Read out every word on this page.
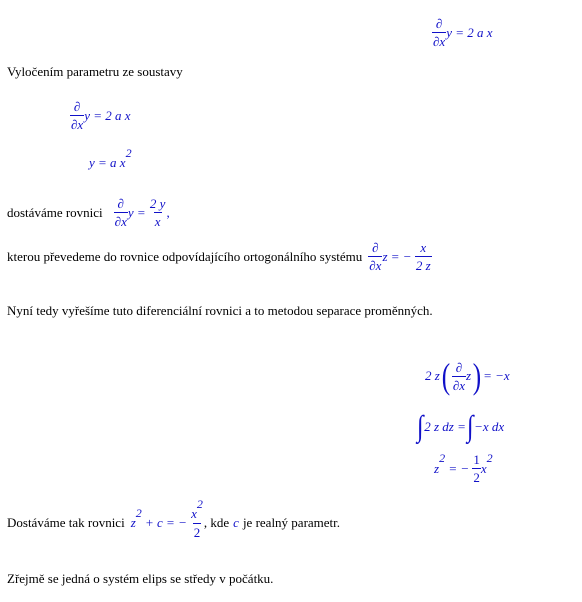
$\frac{\partial}{\partial x}$ y
= 2 a x
Vyločením parametru ze soustavy
$\frac{\partial}{\partial x}$ y
= 2 a x
y = a x2
dostáváme rovnici $\frac{\partial}{\partial x}$ y =
$\frac{2 y}{x}$ ,
kterou převedeme do rovnice odpovídajícího ortogonálního systému $\frac{\partial}{\partial x}$ z = −
$\frac{x}{2 z}$
Nyní tedy vyřešíme tuto diferenciální rovnici a to metodou separace proměnných.
2 z ( $\frac{\partial}{\partial x}$ z ) = −x
∫ 2 z dz = ∫ −x dx
z
2

= −
$\frac{1}{2}$ x
2
Dostáváme tak rovnici z
2

+ c = −
$\frac{x2}{2}$ , kde c je realný parametr.
Zřejmě se jedná o systém elips se středy v počátku.
